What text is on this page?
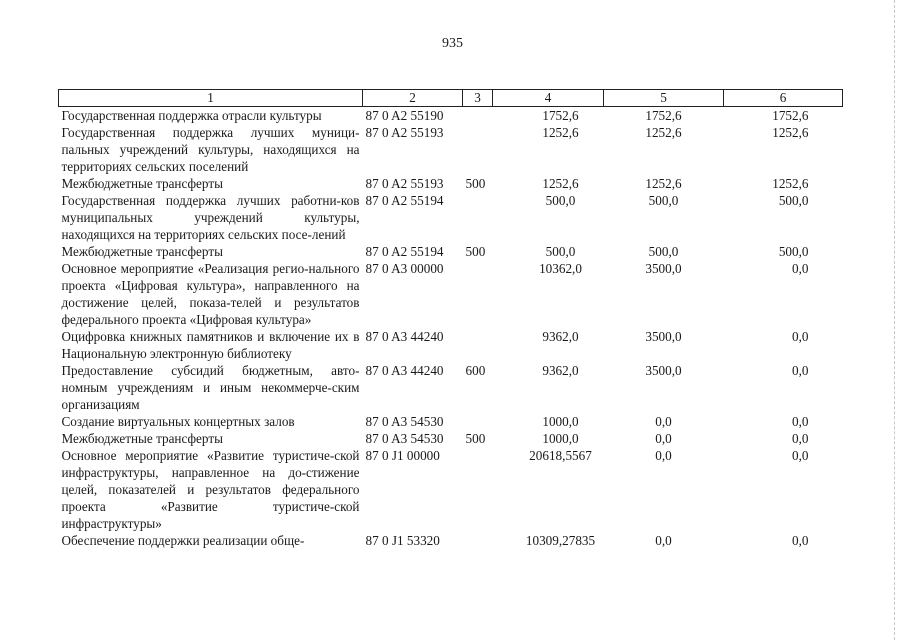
935
1	2	3	4	5	6
Государственная поддержка отрасли культуры	87 0 A2 55190		1752,6	1752,6	1752,6
Государственная поддержка лучших муници-пальных учреждений культуры, находящихся на территориях сельских поселений	87 0 A2 55193		1252,6	1252,6	1252,6
Межбюджетные трансферты	87 0 A2 55193	500	1252,6	1252,6	1252,6
Государственная поддержка лучших работни-ков муниципальных учреждений культуры, находящихся на территориях сельских посе-лений	87 0 A2 55194		500,0	500,0	500,0
Межбюджетные трансферты	87 0 A2 55194	500	500,0	500,0	500,0
Основное мероприятие «Реализация регио-нального проекта «Цифровая культура», направленного на достижение целей, показа-телей и результатов федерального проекта «Цифровая культура»	87 0 A3 00000		10362,0	3500,0	0,0
Оцифровка книжных памятников и включение их в Национальную электронную библиотеку	87 0 A3 44240		9362,0	3500,0	0,0
Предоставление субсидий бюджетным, авто-номным учреждениям и иным некоммерче-ским организациям	87 0 A3 44240	600	9362,0	3500,0	0,0
Создание виртуальных концертных залов	87 0 A3 54530		1000,0	0,0	0,0
Межбюджетные трансферты	87 0 A3 54530	500	1000,0	0,0	0,0
Основное мероприятие «Развитие туристиче-ской инфраструктуры, направленное на до-стижение целей, показателей и результатов федерального проекта «Развитие туристиче-ской инфраструктуры»	87 0 J1 00000		20618,5567	0,0	0,0
Обеспечение поддержки реализации обще-	87 0 J1 53320		10309,27835	0,0	0,0
